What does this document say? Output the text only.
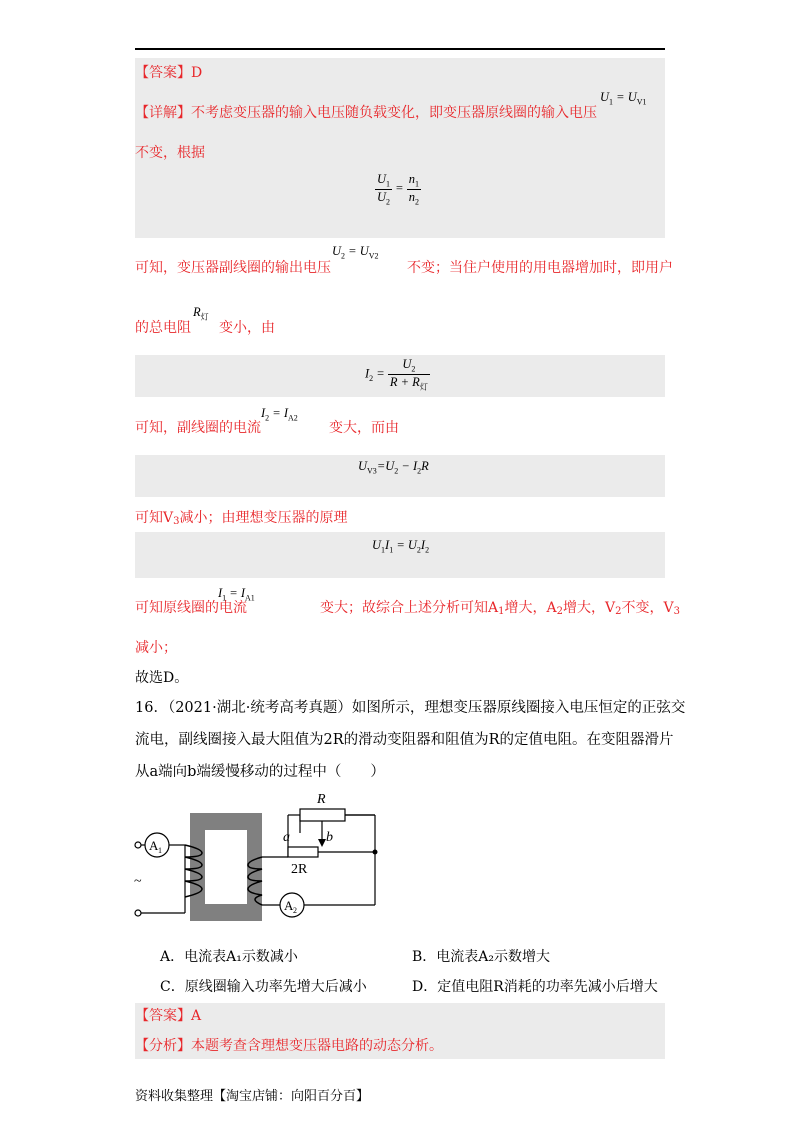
【答案】D
【详解】不考虑变压器的输入电压随负载变化，即变压器原线圈的输入电压
$U_1 = U_{V1}$
不变，根据
$\frac{U_1}{U_2} = \frac{n_1}{n_2}$
可知，变压器副线圈的输出电压	不变；当住户使用的用电器增加时，即用户
$U_2 = U_{V2}$
的总电阻 变小，由
$R_灯$
$I_2 = \frac{U_2}{R + R_灯}$
可知，副线圈的电流	变大，而由
$I_2 = I_{A2}$
$U_{V3}=U_2 - I_2R$
可知$V_3$减小；由理想变压器的原理
$U_1I_1 = U_2I_2$
可知原线圈的电流	变大；故综合上述分析可知$A_1$增大，$A_2$增大，$V_2$不变，$V_3$
$I_1 = I_{A1}$
减小；
故选D。
16．（2021·湖北·统考高考真题）如图所示，理想变压器原线圈接入电压恒定的正弦交
流电，副线圈接入最大阻值为2R的滑动变阻器和阻值为R的定值电阻。在变阻器滑片
从a端向b端缓慢移动的过程中（　　）
A 1
A 2
R
a	b
2R
~
A．电流表A₁示数减小	B．电流表A₂示数增大
C．原线圈输入功率先增大后减小	D．定值电阻R消耗的功率先减小后增大
【答案】A
【分析】本题考查含理想变压器电路的动态分析。
资料收集整理【淘宝店铺：向阳百分百】
